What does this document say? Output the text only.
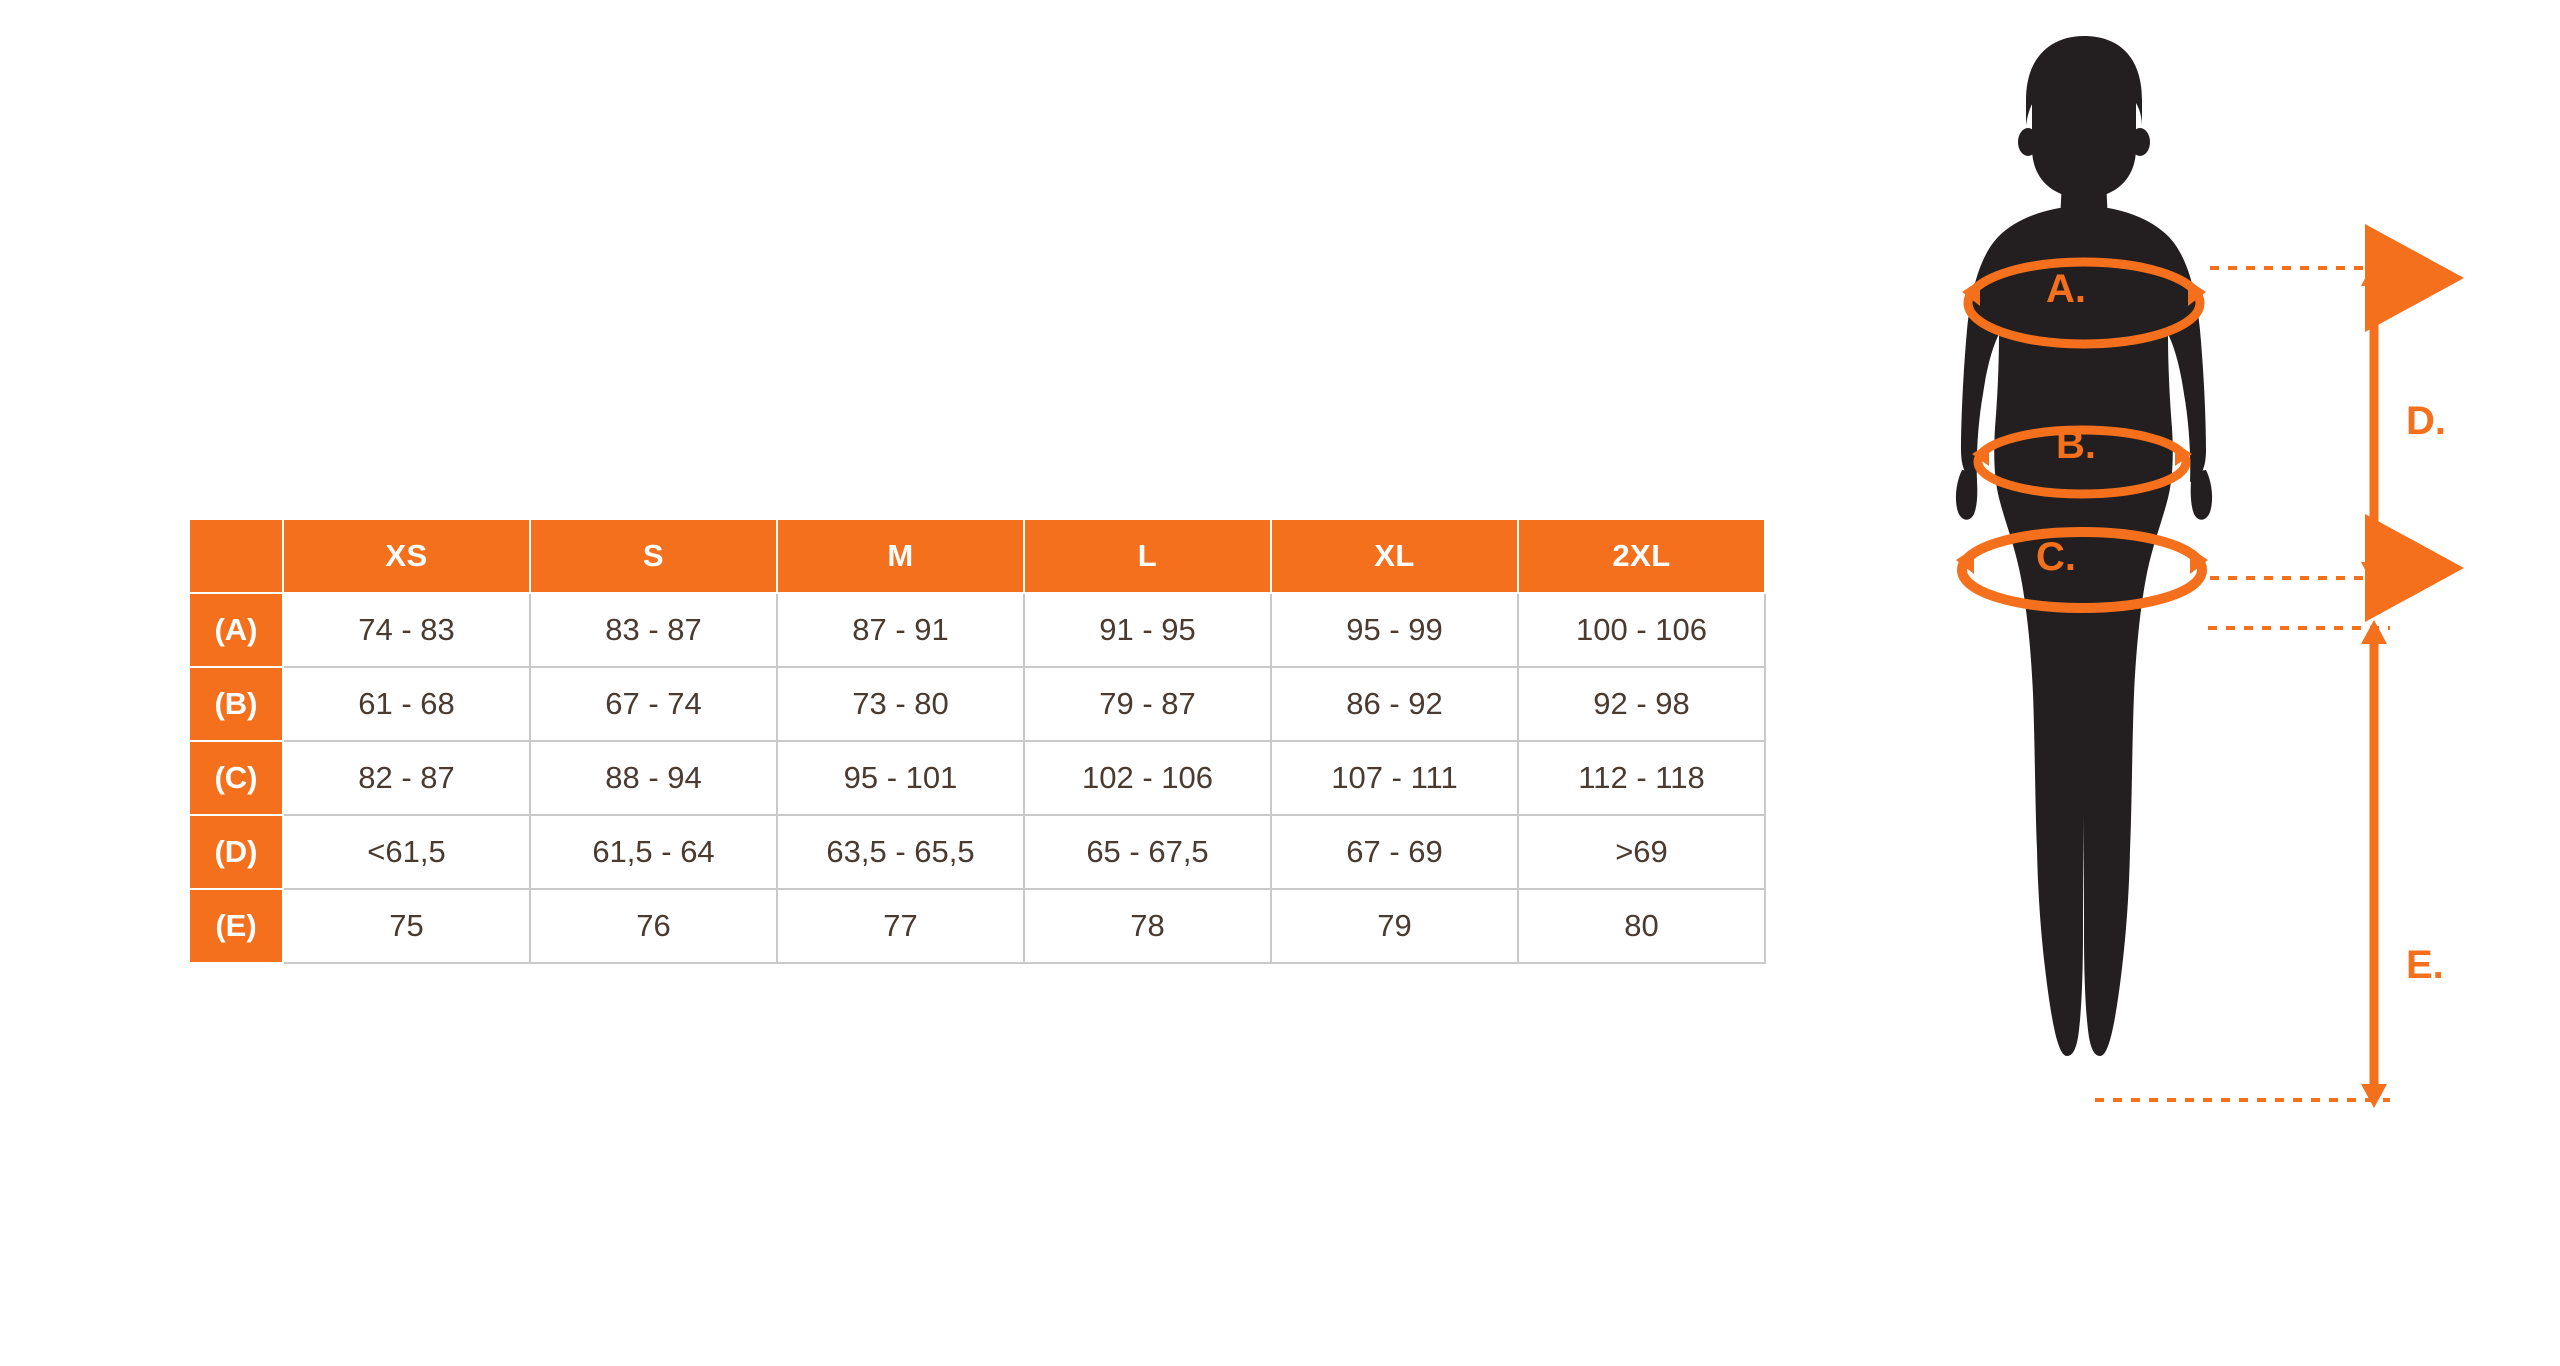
	XS	S	M	L	XL	2XL
(A)	74 - 83	83 - 87	87 - 91	91 - 95	95 - 99	100 - 106
(B)	61 - 68	67 - 74	73 - 80	79 - 87	86 - 92	92 - 98
(C)	82 - 87	88 - 94	95 - 101	102 - 106	107 - 111	112 - 118
(D)	<61,5	61,5 - 64	63,5 - 65,5	65 - 67,5	67 - 69	>69
(E)	75	76	77	78	79	80
A.
B.
C.
D.
E.
